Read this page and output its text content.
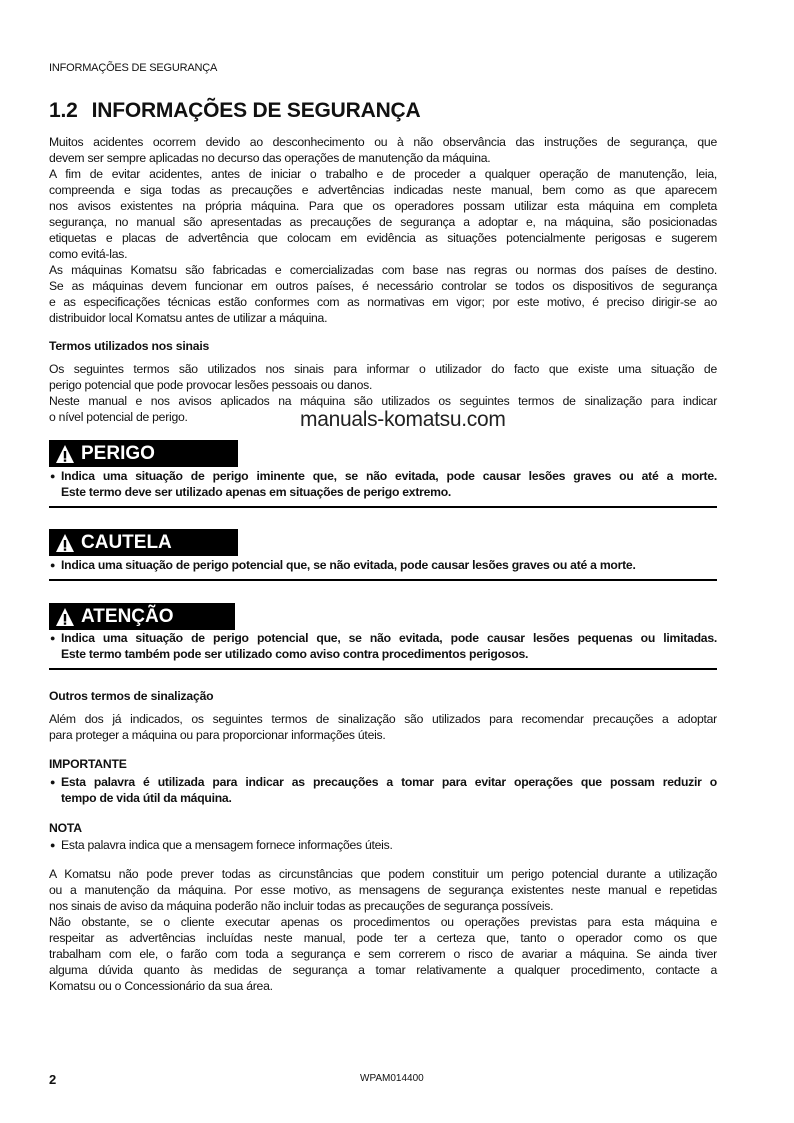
INFORMAÇÕES DE SEGURANÇA
1.2 INFORMAÇÕES DE SEGURANÇA
Muitos acidentes ocorrem devido ao desconhecimento ou à não observância das instruções de segurança, que
devem ser sempre aplicadas no decurso das operações de manutenção da máquina.
A fim de evitar acidentes, antes de iniciar o trabalho e de proceder a qualquer operação de manutenção, leia,
compreenda e siga todas as precauções e advertências indicadas neste manual, bem como as que aparecem
nos avisos existentes na própria máquina. Para que os operadores possam utilizar esta máquina em completa
segurança, no manual são apresentadas as precauções de segurança a adoptar e, na máquina, são posicionadas
etiquetas e placas de advertência que colocam em evidência as situações potencialmente perigosas e sugerem
como evitá-las.
As máquinas Komatsu são fabricadas e comercializadas com base nas regras ou normas dos países de destino.
Se as máquinas devem funcionar em outros países, é necessário controlar se todos os dispositivos de segurança
e as especificações técnicas estão conformes com as normativas em vigor; por este motivo, é preciso dirigir-se ao
distribuidor local Komatsu antes de utilizar a máquina.
Termos utilizados nos sinais
Os seguintes termos são utilizados nos sinais para informar o utilizador do facto que existe uma situação de
perigo potencial que pode provocar lesões pessoais ou danos.
Neste manual e nos avisos aplicados na máquina são utilizados os seguintes termos de sinalização para indicar
o nível potencial de perigo.	manuals-komatsu.com
PERIGO
● Indica uma situação de perigo iminente que, se não evitada, pode causar lesões graves ou até a morte.
Este termo deve ser utilizado apenas em situações de perigo extremo.
CAUTELA
● Indica uma situação de perigo potencial que, se não evitada, pode causar lesões graves ou até a morte.
ATENÇÃO
● Indica uma situação de perigo potencial que, se não evitada, pode causar lesões pequenas ou limitadas.
Este termo também pode ser utilizado como aviso contra procedimentos perigosos.
Outros termos de sinalização
Além dos já indicados, os seguintes termos de sinalização são utilizados para recomendar precauções a adoptar
para proteger a máquina ou para proporcionar informações úteis.
IMPORTANTE
● Esta palavra é utilizada para indicar as precauções a tomar para evitar operações que possam reduzir o
tempo de vida útil da máquina.
NOTA
● Esta palavra indica que a mensagem fornece informações úteis.
A Komatsu não pode prever todas as circunstâncias que podem constituir um perigo potencial durante a utilização
ou a manutenção da máquina. Por esse motivo, as mensagens de segurança existentes neste manual e repetidas
nos sinais de aviso da máquina poderão não incluir todas as precauções de segurança possíveis.
Não obstante, se o cliente executar apenas os procedimentos ou operações previstas para esta máquina e
respeitar as advertências incluídas neste manual, pode ter a certeza que, tanto o operador como os que
trabalham com ele, o farão com toda a segurança e sem correrem o risco de avariar a máquina. Se ainda tiver
alguma dúvida quanto às medidas de segurança a tomar relativamente a qualquer procedimento, contacte a
Komatsu ou o Concessionário da sua área.
2	WPAM014400
